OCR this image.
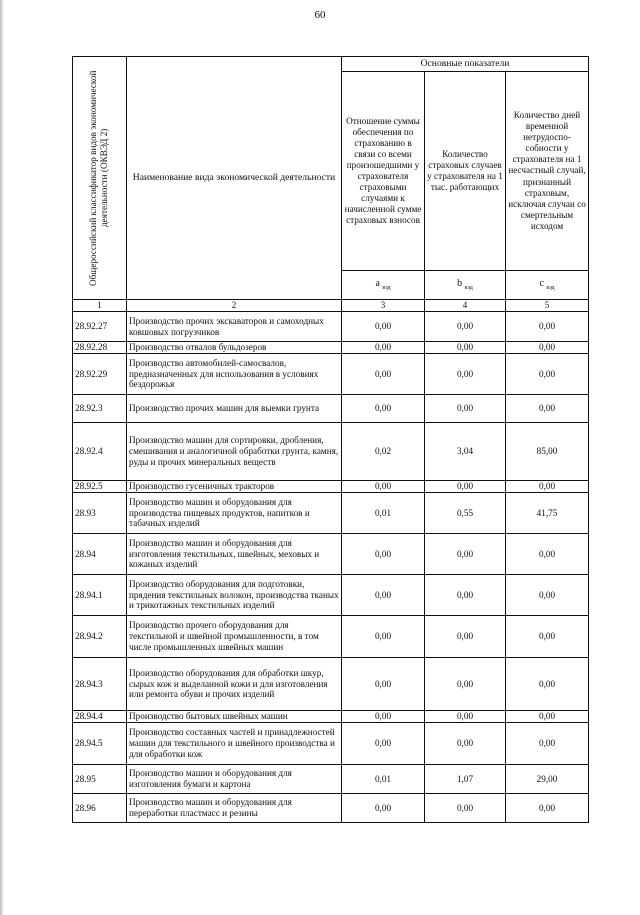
60
Общероссийский классификатор видов экономической деятельности (ОКВЭД 2)	Наименование вида экономической деятельности	Основные показатели		
		Отношение суммы обеспечения по страхованию в связи со всеми произошедшими у страхователя страховыми случаями к начисленной сумме страховых взносов	Количество страховых случаев у страхователя на 1 тыс. работающих	Количество дней временной нетрудоспо-собности у страхователя на 1 несчастный случай, признанный страховым, исключая случаи со смертельным исходом
		a $_{вэд}$	b $_{вэд}$	c $_{вэд}$
1	2	3	4	5
28.92.27	Производство прочих экскаваторов и самоходных ковшовых погрузчиков	0,00	0,00	0,00
28.92.28	Производство отвалов бульдозеров	0,00	0,00	0,00
28.92.29	Производство автомобилей-самосвалов, предназначенных для использования в условиях бездорожья	0,00	0,00	0,00
28.92.3	Производство прочих машин для выемки грунта	0,00	0,00	0,00
28.92.4	Производство машин для сортировки, дробления, смешивания и аналогичной обработки грунта, камня, руды и прочих минеральных веществ	0,02	3,04	85,00
28.92.5	Производство гусеничных тракторов	0,00	0,00	0,00
28.93	Производство машин и оборудования для производства пищевых продуктов, напитков и табачных изделий	0,01	0,55	41,75
28.94	Производство машин и оборудования для изготовления текстильных, швейных, меховых и кожаных изделий	0,00	0,00	0,00
28.94.1	Производство оборудования для подготовки, прядения текстильных волокон, производства тканых и трикотажных текстильных изделий	0,00	0,00	0,00
28.94.2	Производство прочего оборудования для текстильной и швейной промышленности, в том числе промышленных швейных машин	0,00	0,00	0,00
28.94.3	Производство оборудования для обработки шкур, сырых кож и выделанной кожи и для изготовления или ремонта обуви и прочих изделий	0,00	0,00	0,00
28.94.4	Производство бытовых швейных машин	0,00	0,00	0,00
28.94.5	Производство составных частей и принадлежностей машин для текстильного и швейного производства и для обработки кож	0,00	0,00	0,00
28.95	Производство машин и оборудования для изготовления бумаги и картона	0,01	1,07	29,00
28.96	Производство машин и оборудования для переработки пластмасс и резины	0,00	0,00	0,00
